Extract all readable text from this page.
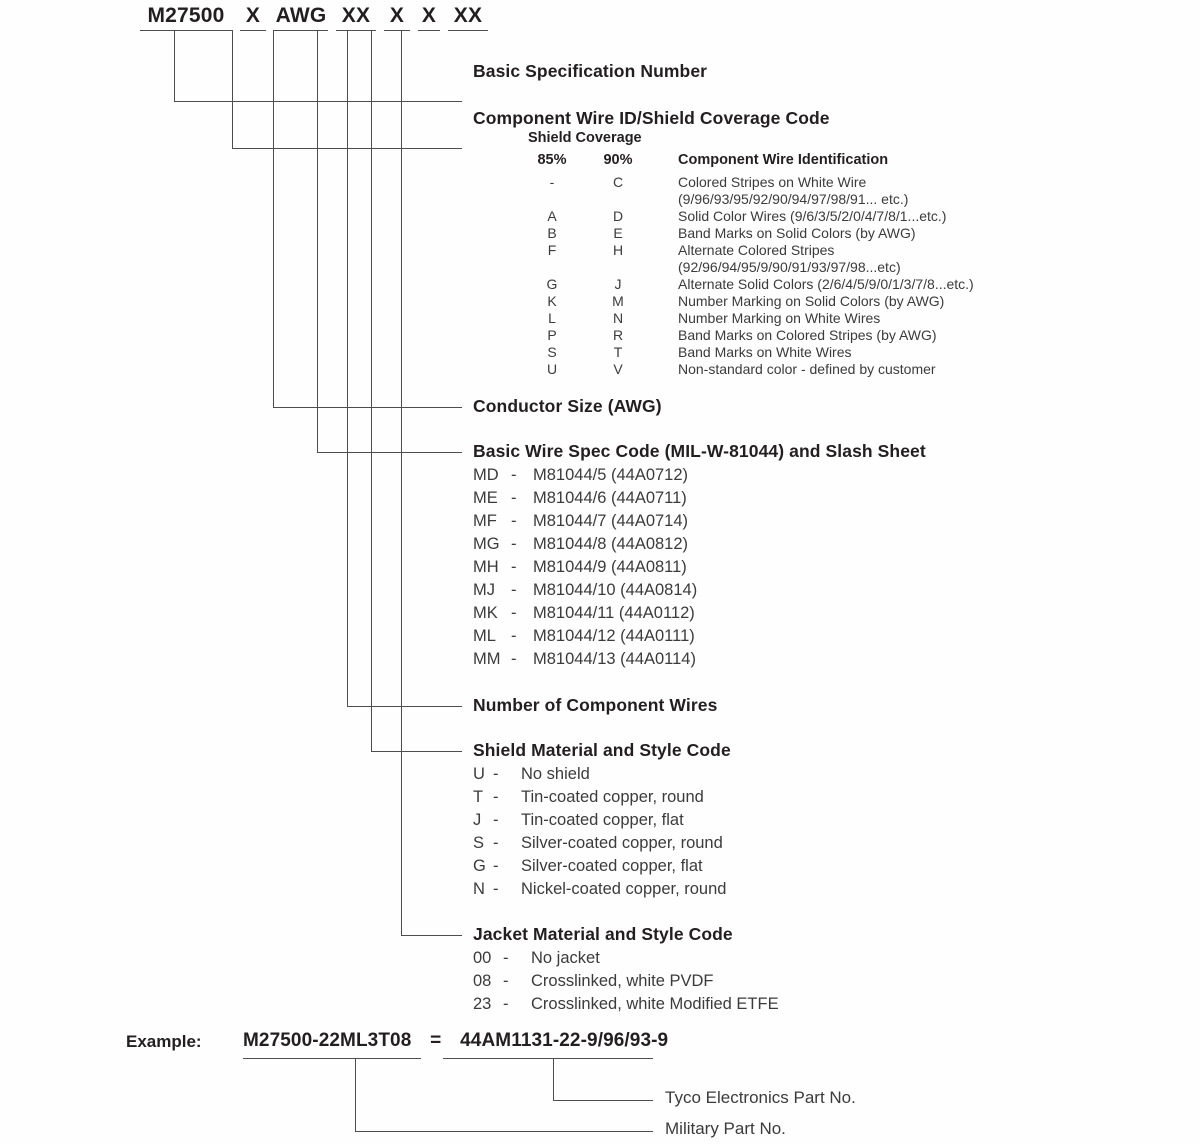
M27500 X AWG XX X X XX
Basic Specification Number
Component Wire ID/Shield Coverage Code
Shield Coverage
85%	90%	Component Wire Identification
-	C	Colored Stripes on White Wire
(9/96/93/95/92/90/94/97/98/91... etc.)
A	D	Solid Color Wires (9/6/3/5/2/0/4/7/8/1...etc.)
B	E	Band Marks on Solid Colors (by AWG)
F	H	Alternate Colored Stripes
(92/96/94/95/9/90/91/93/97/98...etc)
G	J	Alternate Solid Colors (2/6/4/5/9/0/1/3/7/8...etc.)
K	M	Number Marking on Solid Colors (by AWG)
L	N	Number Marking on White Wires
P	R	Band Marks on Colored Stripes (by AWG)
S	T	Band Marks on White Wires
U	V	Non-standard color - defined by customer
Conductor Size (AWG)
Basic Wire Spec Code (MIL-W-81044) and Slash Sheet
MD - M81044/5 (44A0712)
ME - M81044/6 (44A0711)
MF - M81044/7 (44A0714)
MG - M81044/8 (44A0812)
MH - M81044/9 (44A0811)
MJ - M81044/10 (44A0814)
MK - M81044/11 (44A0112)
ML - M81044/12 (44A0111)
MM - M81044/13 (44A0114)
Number of Component Wires
Shield Material and Style Code
U - No shield
T - Tin-coated copper, round
J - Tin-coated copper, flat
S - Silver-coated copper, round
G - Silver-coated copper, flat
N - Nickel-coated copper, round
Jacket Material and Style Code
00 - No jacket
08 - Crosslinked, white PVDF
23 - Crosslinked, white Modified ETFE
Example: M27500-22ML3T08 = 44AM1131-22-9/96/93-9
Tyco Electronics Part No.
Military Part No.
